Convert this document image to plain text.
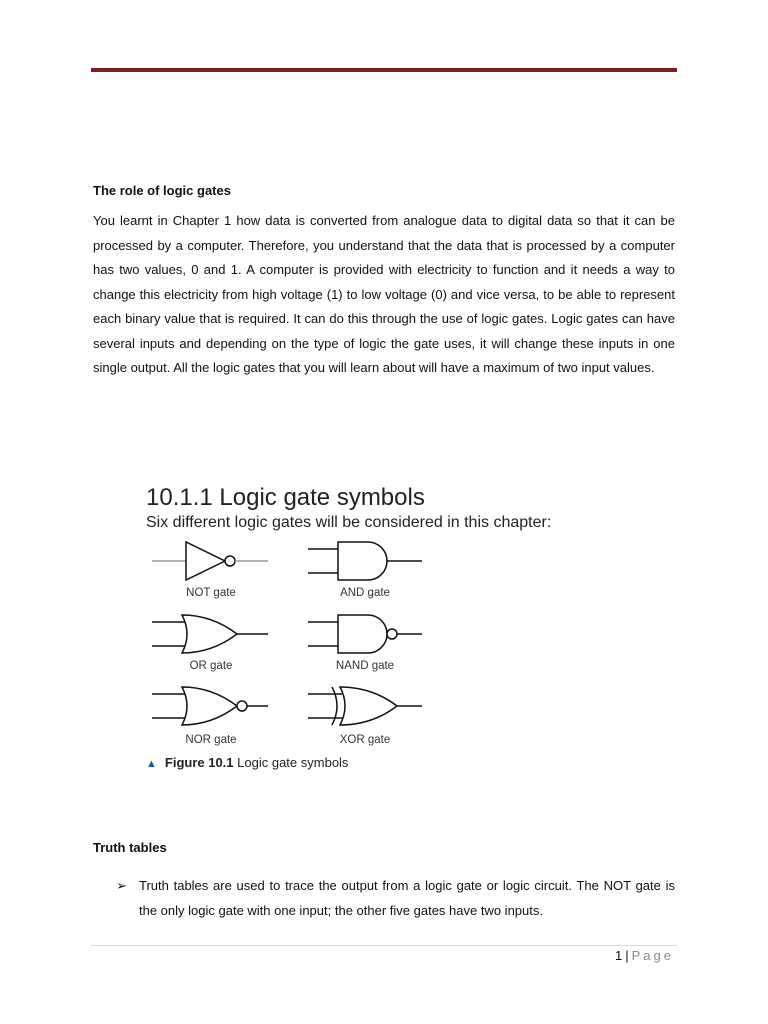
The role of logic gates
You learnt in Chapter 1 how data is converted from analogue data to digital data so that it can be processed by a computer. Therefore, you understand that the data that is processed by a computer has two values, 0 and 1. A computer is provided with electricity to function and it needs a way to change this electricity from high voltage (1) to low voltage (0) and vice versa, to be able to represent each binary value that is required. It can do this through the use of logic gates. Logic gates can have several inputs and depending on the type of logic the gate uses, it will change these inputs in one single output. All the logic gates that you will learn about will have a maximum of two input values.
10.1.1 Logic gate symbols
Six different logic gates will be considered in this chapter:
NOT gate	AND gate
OR gate	NAND gate
NOR gate	XOR gate
▲ Figure 10.1 Logic gate symbols
Truth tables
➢ Truth tables are used to trace the output from a logic gate or logic circuit. The NOT gate is the only logic gate with one input; the other five gates have two inputs.
1 | Page
